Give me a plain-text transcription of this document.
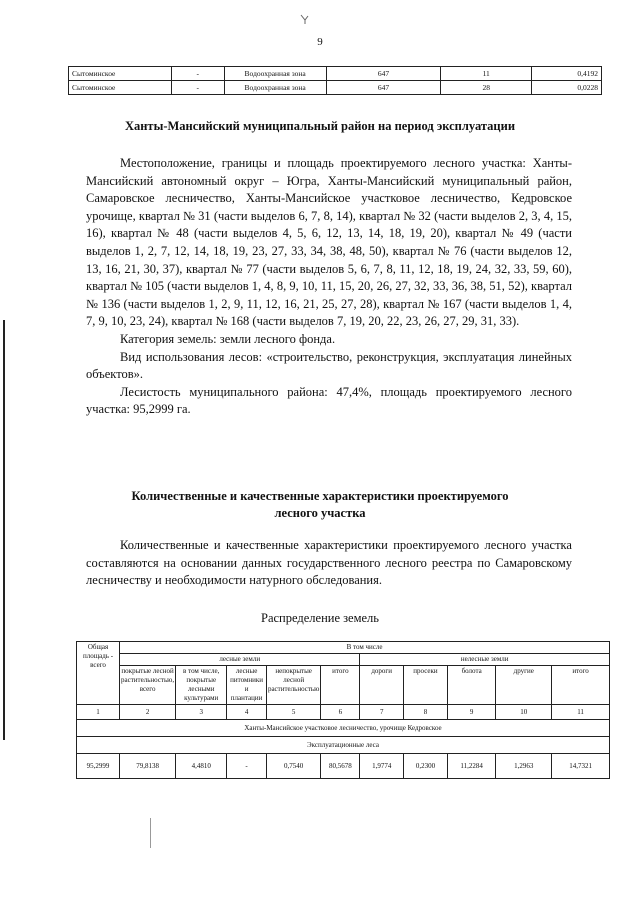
9
Сытоминское	-	Водоохранная зона	647	11	0,4192
Сытоминское	-	Водоохранная зона	647	28	0,0228
Ханты-Мансийский муниципальный район на период эксплуатации

Местоположение, границы и площадь проектируемого лесного участка: Ханты-Мансийский автономный округ – Югра, Ханты-Мансийский муниципальный район, Самаровское лесничество, Ханты-Мансийское участковое лесничество, Кедровское урочище, квартал № 31 (части выделов 6, 7, 8, 14), квартал № 32 (части выделов 2, 3, 4, 15, 16), квартал № 48 (части выделов 4, 5, 6, 12, 13, 14, 18, 19, 20), квартал № 49 (части выделов 1, 2, 7, 12, 14, 18, 19, 23, 27, 33, 34, 38, 48, 50), квартал № 76 (части выделов 12, 13, 16, 21, 30, 37), квартал № 77 (части выделов 5, 6, 7, 8, 11, 12, 18, 19, 24, 32, 33, 59, 60), квартал № 105 (части выделов 1, 4, 8, 9, 10, 11, 15, 20, 26, 27, 32, 33, 36, 38, 51, 52), квартал № 136 (части выделов 1, 2, 9, 11, 12, 16, 21, 25, 27, 28), квартал № 167 (части выделов 1, 4, 7, 9, 10, 23, 24), квартал № 168 (части выделов 7, 19, 20, 22, 23, 26, 27, 29, 31, 33).

Категория земель: земли лесного фонда.

Вид использования лесов: «строительство, реконструкция, эксплуатация линейных объектов».

Лесистость муниципального района: 47,4%, площадь проектируемого лесного участка: 95,2999 га.

Количественные и качественные характеристики проектируемого
лесного участка

Количественные и качественные характеристики проектируемого лесного участка составляются на основании данных государственного лесного реестра по Самаровскому лесничеству и необходимости натурного обследования.

Распределение земель
Общая площадь - всего	В том числе									
	лесные земли					нелесные земли				
	покрытые лесной растительностью, всего	в том числе, покрытые лесными культурами	лесные питомники и плантации	непокрытые лесной растительностью	итого	дороги	просеки	болота	другие	итого
1	2	3	4	5	6	7	8	9	10	11
Ханты-Мансийское участковое лесничество, урочище Кедровское										
Эксплуатационные леса										
95,2999	79,8138	4,4810	-	0,7540	80,5678	1,9774	0,2300	11,2284	1,2963	14,7321
